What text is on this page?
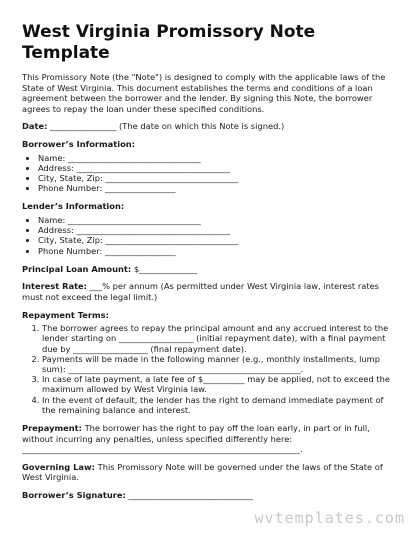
West Virginia Promissory Note
Template

This Promissory Note (the "Note") is designed to comply with the applicable laws of the State of West Virginia. This document establishes the terms and conditions of a loan agreement between the borrower and the lender. By signing this Note, the borrower agrees to repay the loan under these specified conditions.

Date: ________________ (The date on which this Note is signed.)

Borrower’s Information:

• Name: ________________________________
• Address: _____________________________________
• City, State, Zip: ________________________________
• Phone Number: _________________

Lender’s Information:

• Name: ________________________________
• Address: _____________________________________
• City, State, Zip: ________________________________
• Phone Number: _________________

Principal Loan Amount: $______________

Interest Rate: ___% per annum (As permitted under West Virginia law, interest rates must not exceed the legal limit.)

Repayment Terms:

1. The borrower agrees to repay the principal amount and any accrued interest to the lender starting on __________________ (initial repayment date), with a final payment due by __________________ (final repayment date).
2. Payments will be made in the following manner (e.g., monthly installments, lump sum): ________________________________________________________.
3. In case of late payment, a late fee of $__________ may be applied, not to exceed the maximum allowed by West Virginia law.
4. In the event of default, the lender has the right to demand immediate payment of the remaining balance and interest.

Prepayment: The borrower has the right to pay off the loan early, in part or in full, without incurring any penalties, unless specified differently here: ___________________________________________________________________.

Governing Law: This Promissory Note will be governed under the laws of the State of West Virginia.

Borrower’s Signature: ______________________________

wvtemplates.com
